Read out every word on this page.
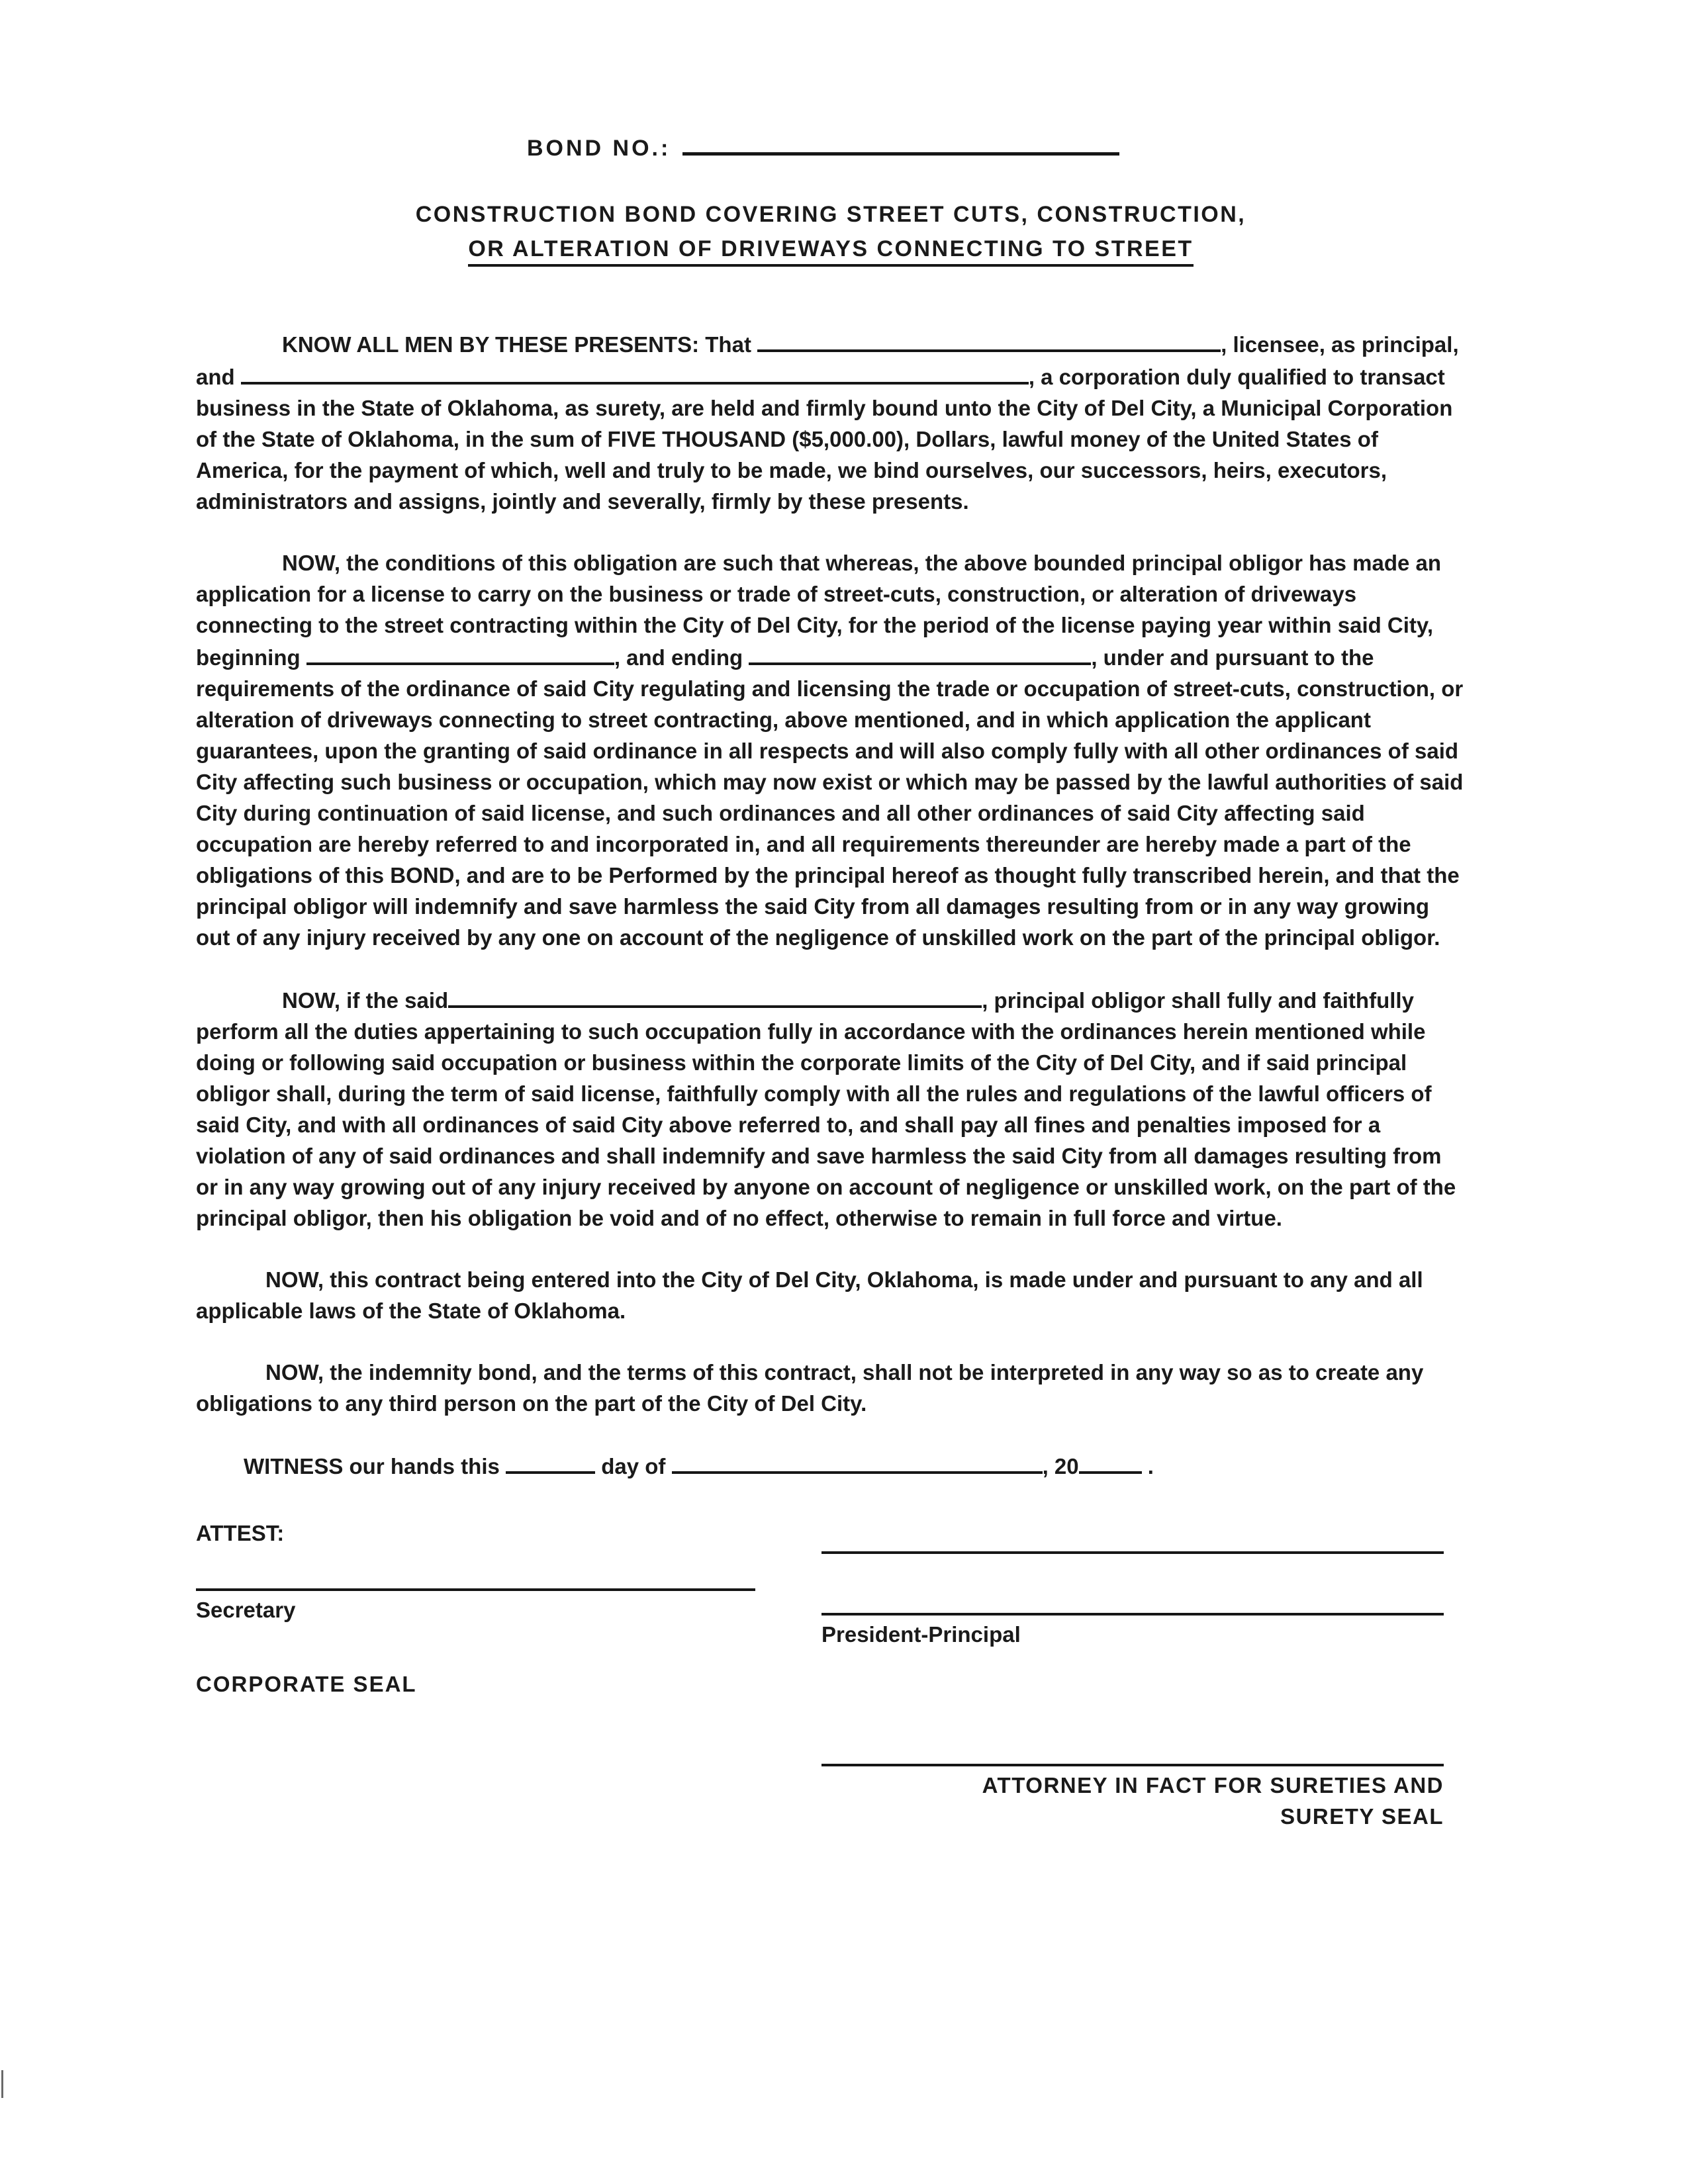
BOND NO.:
CONSTRUCTION BOND COVERING STREET CUTS, CONSTRUCTION,
OR ALTERATION OF DRIVEWAYS CONNECTING TO STREET

KNOW ALL MEN BY THESE PRESENTS: That	, licensee, as principal, and	, a corporation duly qualified to transact business in the State of Oklahoma, as surety, are held and firmly bound unto the City of Del City, a Municipal Corporation of the State of Oklahoma, in the sum of FIVE THOUSAND ($5,000.00), Dollars, lawful money of the United States of America, for the payment of which, well and truly to be made, we bind ourselves, our successors, heirs, executors, administrators and assigns, jointly and severally, firmly by these presents.

NOW, the conditions of this obligation are such that whereas, the above bounded principal obligor has made an application for a license to carry on the business or trade of street-cuts, construction, or alteration of driveways connecting to the street contracting within the City of Del City, for the period of the license paying year within said City, beginning	, and ending	, under and pursuant to the requirements of the ordinance of said City regulating and licensing the trade or occupation of street-cuts, construction, or alteration of driveways connecting to street contracting, above mentioned, and in which application the applicant guarantees, upon the granting of said ordinance in all respects and will also comply fully with all other ordinances of said City affecting such business or occupation, which may now exist or which may be passed by the lawful authorities of said City during continuation of said license, and such ordinances and all other ordinances of said City affecting said occupation are hereby referred to and incorporated in, and all requirements thereunder are hereby made a part of the obligations of this BOND, and are to be Performed by the principal hereof as thought fully transcribed herein, and that the principal obligor will indemnify and save harmless the said City from all damages resulting from or in any way growing out of any injury received by any one on account of the negligence of unskilled work on the part of the principal obligor.

NOW, if the said	, principal obligor shall fully and faithfully perform all the duties appertaining to such occupation fully in accordance with the ordinances herein mentioned while doing or following said occupation or business within the corporate limits of the City of Del City, and if said principal obligor shall, during the term of said license, faithfully comply with all the rules and regulations of the lawful officers of said City, and with all ordinances of said City above referred to, and shall pay all fines and penalties imposed for a violation of any of said ordinances and shall indemnify and save harmless the said City from all damages resulting from or in any way growing out of any injury received by anyone on account of negligence or unskilled work, on the part of the principal obligor, then his obligation be void and of no effect, otherwise to remain in full force and virtue.

NOW, this contract being entered into the City of Del City, Oklahoma, is made under and pursuant to any and all applicable laws of the State of Oklahoma.

NOW, the indemnity bond, and the terms of this contract, shall not be interpreted in any way so as to create any obligations to any third person on the part of the City of Del City.

WITNESS our hands this	day of	, 20	.

ATTEST:
Secretary
President-Principal
CORPORATE SEAL
ATTORNEY IN FACT FOR SURETIES AND
SURETY SEAL
